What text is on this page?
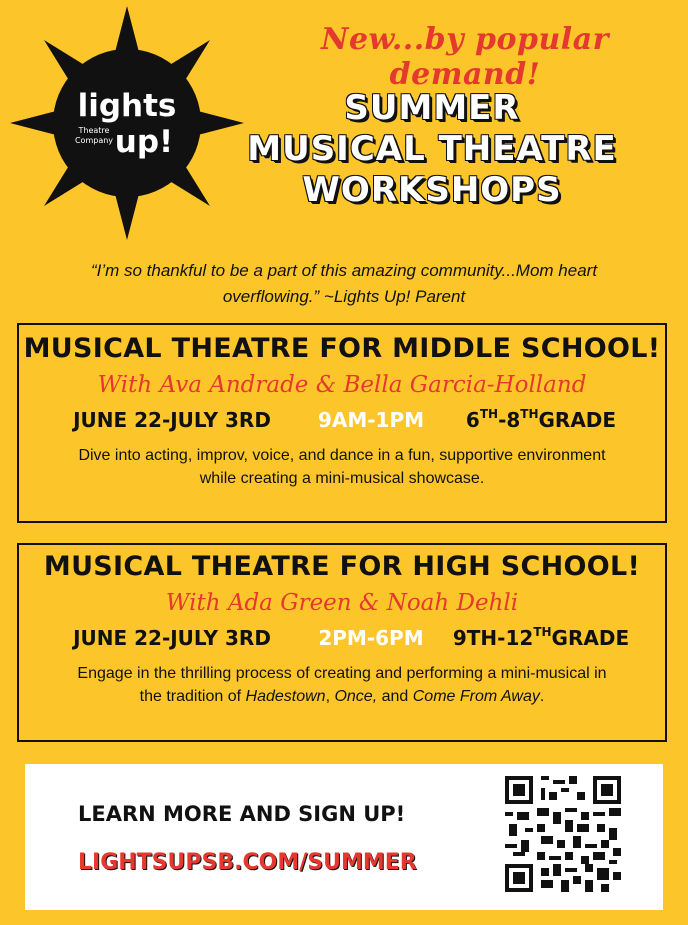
lights
up!
Theatre
Company
New...by popular demand!
SUMMER
MUSICAL THEATRE
WORKSHOPS
“I’m so thankful to be a part of this amazing community...Mom heart
overflowing.” ~Lights Up! Parent
MUSICAL THEATRE FOR MIDDLE SCHOOL!
With Ava Andrade & Bella Garcia-Holland
JUNE 22-JULY 3RD	9AM-1PM	6TH-8THGRADE
Dive into acting, improv, voice, and dance in a fun, supportive environment
while creating a mini-musical showcase.
MUSICAL THEATRE FOR HIGH SCHOOL!
With Ada Green & Noah Dehli
JUNE 22-JULY 3RD	2PM-6PM	9TH-12THGRADE
Engage in the thrilling process of creating and performing a mini-musical in
the tradition of Hadestown, Once, and Come From Away.
LEARN MORE AND SIGN UP!
LIGHTSUPSB.COM/SUMMER
